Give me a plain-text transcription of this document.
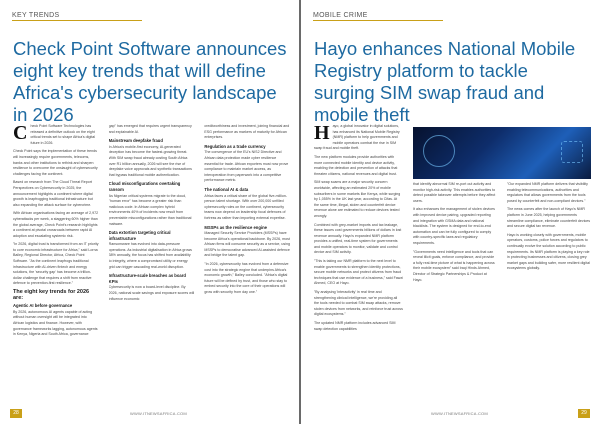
KEY TRENDS
Check Point Software announces eight key trends that will define Africa's cybersecurity landscape in 2026

Check Point Software Technologies has released a definitive outlook on the eight critical trends set to shape Africa's digital future in 2026.

Check Point says the implementation of these trends will increasingly require governments, telecoms, banks and other institutions to rethink and sharpen resilience to overcome the onslaught of cybersecurity challenges facing the continent.

Based on research from The Cloud Threat Report Perspectives on Cybersecurity in 2025, the announcement highlights a continent where digital growth is leapfrogging traditional infrastructure but also expanding the attack surface for cybercrime.

With African organisations facing an average of 2,972 cyberattacks per week, a staggering 60% higher than the global average, Check Point's research highlights a continent at pivotal crossroads between rapid AI adoption and escalating systemic risk.

"In 2026, digital trust is transformed from an IT priority to core economic infrastructure for Africa," said Lorna Bailey, Regional Director, Africa, Check Point Software. "As the continent leapfrogs traditional infrastructure with AI-driven fintech and energy solutions, the 'security gap' has become a trillion-dollar challenge that requires a shift from reactive defence to prevention-first resilience."

The eight key trends for 2026 are:
Agentic AI before governance

By 2026, autonomous AI agents capable of acting without human oversight will be integrated into African logistics and finance. However, with governance frameworks lagging, autonomous agents in Kenya, Nigeria and South Africa, governance

gap" has emerged that requires urgent transparency and explainable AI.

Mainstream deepfake fraud

In Africa's mobile-first economy, AI-generated deception has become the fastest-growing threat. With SIM swap fraud already costing South Africa over R1 billion annually, 2026 will see the rise of deepfake voice approvals and synthetic transactions that bypass traditional mobile authentication.

Cloud misconfigurations overtaking ransom

As Nigerian critical systems migrate to the cloud, "human error" has become a greater risk than malicious code. In African complex hybrid environments 40% of incidents now result from preventable misconfigurations rather than traditional malware.

Data extortion targeting critical infrastructure

Ransomware has evolved into data-pressure operations. As industrial digitalisation in Africa grows 38% annually, the focus has shifted from availability to integrity, where a compromised utility or energy grid can trigger cascading real-world disruption.

Infrastructure-scale breaches as board KPIs

Cybersecurity is now a board-level discipline. By 2026, national scale savings and exposure scores will influence economic

creditworthiness and investment, joining financial and ESG performance as markers of maturity for African enterprises.

Regulation as a trade currency

The convergence of the EU's NIS2 Directive and African data protection made cyber resilience essential for trade. African exporters must now prove compliance to maintain market access, as interoperation from paperwork into a competitive performance metric.

The national AI & data

Africa faces a critical share of the global five-million-person talent shortage. With over 200,000 unfilled cybersecurity roles on the continent, cybersecurity teams now depend on leadership focal defences of fortress as rather than importing external expertise.

MSSPs as the resilience engine

Managed Security Service Providers (MSSPs) have become Africa's operational backbone. By 2026, most African firms will consume security as a service, using MSSPs to democratise advanced AI-assisted defence and bridge the talent gap.

"In 2026, cybersecurity has evolved from a defensive cost into the strategic engine that underpins Africa's economic growth," Bailey concluded. "Africa's digital future will be defined by trust, and those who stay to embed security into the core of their operations will grow with security from day one."

28	WWW.ITNEWSAFRICA.COM
MOBILE CRIME
Hayo enhances National Mobile Registry platform to tackle surging SIM swap fraud and mobile theft

Hayo, a global innovator in digital solutions, has enhanced its National Mobile Registry (NMR) platform to help governments and mobile operators combat the rise in SIM swap fraud and mobile theft.

The new platform modules provide authorities with more connected mobile identity and device activity, enabling the detection and prevention of attacks that threaten citizens, national revenues and digital trust.

SIM swap scams are a major security concern worldwide, affecting an estimated 20% of mobile subscribers in some markets like Kenya, while surging by 1,055% in the UK last year, according to Cifas. At the same time, illegal, stolen and counterfeit device revenue alone are estimated to reduce devices tested wrongly.

Combined with grey-market imports and tax leakage, these issues cost governments billions of dollars in lost revenue annually. Hayo's expanded NMR platform provides a unified, real-time system for governments and mobile operators to monitor, validate and control device and SIM activity.

"This is taking our NMR platform to the next level to enable governments to strengthen identity protections, secure mobile networks and protect citizens from fraud techniques that use evidence of a business," said Fawzi Ahmed, CEO at Hayo.

"By analysing 'interactivity' in real time and strengthening clinical intelligence, we're providing all the tools needed to combat SIM swap attacks, remove stolen devices from networks, and reinforce trust across digital ecosystems."

The updated NMR platform includes advanced SIM swap detection capabilities

that identify abnormal SIM re-port out activity and monitor high-risk activity. This enables authorities to detect possible takeover attempts before they affect users.

It also enhances the management of stolen devices with improved device pairing, upgraded reporting and integration with GSMA data and national blacklists. The system is designed for end-to-end automation and can be fully configured to comply with country-specific laws and regulatory requirements.

"Governments need intelligence and tools that can reveal illicit goals, enforce compliance, and provide a fully real-time picture of what is happening across their mobile ecosystem" said Iraqi Hinds Ahmed, Director of Strategic Partnerships & Product at Hayo.

"Our expanded NMR platform delivers that visibility enabling telecommunications, authorities and regulators that allows governments from the tools posed by counterfeit and non-compliant devices."

The news comes after the launch of Hayo's NMR platform in June 2025, helping governments streamline compliance, eliminate counterfeit devices and secure digital tax revenue.

Hayo is working closely with governments, mobile operators, customs, police forces and regulators to continually evolve the solution according to public requirements. Its NMR platform is playing a key role in protecting businesses and citizens, closing grey market gaps and building safer, more resilient digital ecosystems globally.

WWW.ITNEWSAFRICA.COM	29
